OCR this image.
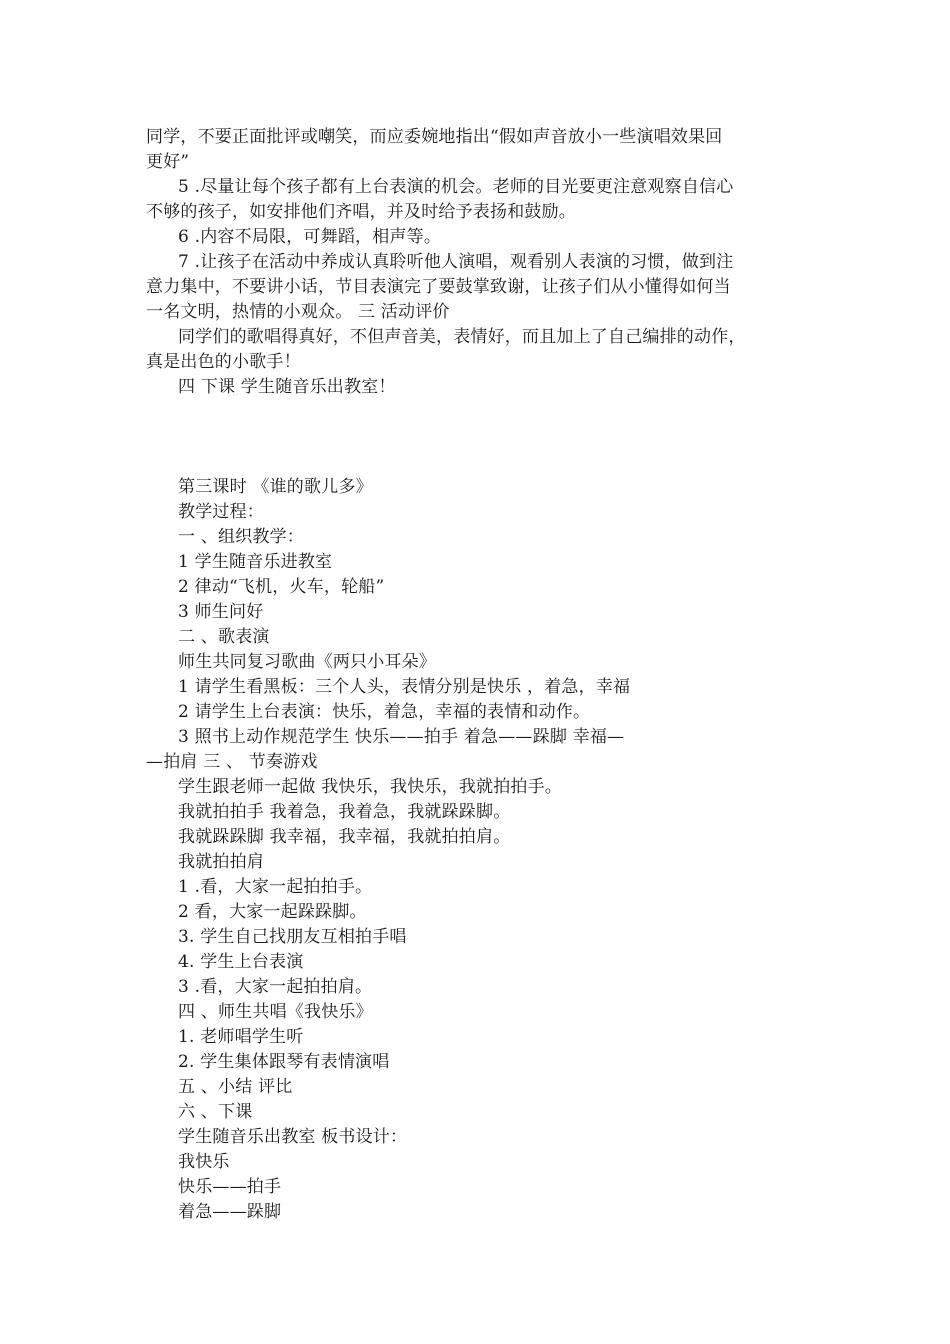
同学，不要正面批评或嘲笑，而应委婉地指出“假如声音放小一些演唱效果回
更好”
5 .尽量让每个孩子都有上台表演的机会。老师的目光要更注意观察自信心
不够的孩子，如安排他们齐唱，并及时给予表扬和鼓励。
6 .内容不局限，可舞蹈，相声等。
7 .让孩子在活动中养成认真聆听他人演唱，观看别人表演的习惯，做到注
意力集中，不要讲小话，节目表演完了要鼓掌致谢，让孩子们从小懂得如何当
一名文明，热情的小观众。 三 活动评价
同学们的歌唱得真好，不但声音美，表情好，而且加上了自己编排的动作，
真是出色的小歌手！
四 下课 学生随音乐出教室！
第三课时 《谁的歌儿多》
教学过程：
一 、组织教学：
1 学生随音乐进教室
2 律动“飞机，火车，轮船”
3 师生问好
二 、歌表演
师生共同复习歌曲《两只小耳朵》
1 请学生看黑板：三个人头，表情分别是快乐 ，着急，幸福
2 请学生上台表演：快乐，着急，幸福的表情和动作。
3 照书上动作规范学生 快乐——拍手 着急——跺脚 幸福—
—拍肩 三 、 节奏游戏
学生跟老师一起做 我快乐，我快乐，我就拍拍手。
我就拍拍手 我着急，我着急，我就跺跺脚。
我就跺跺脚 我幸福，我幸福，我就拍拍肩。
我就拍拍肩
1 .看，大家一起拍拍手。
2 看，大家一起跺跺脚。
3. 学生自己找朋友互相拍手唱
4. 学生上台表演
3 .看，大家一起拍拍肩。
四 、师生共唱《我快乐》
1. 老师唱学生听
2. 学生集体跟琴有表情演唱
五 、小结 评比
六 、下课
学生随音乐出教室 板书设计：
我快乐
快乐——拍手
着急——跺脚
